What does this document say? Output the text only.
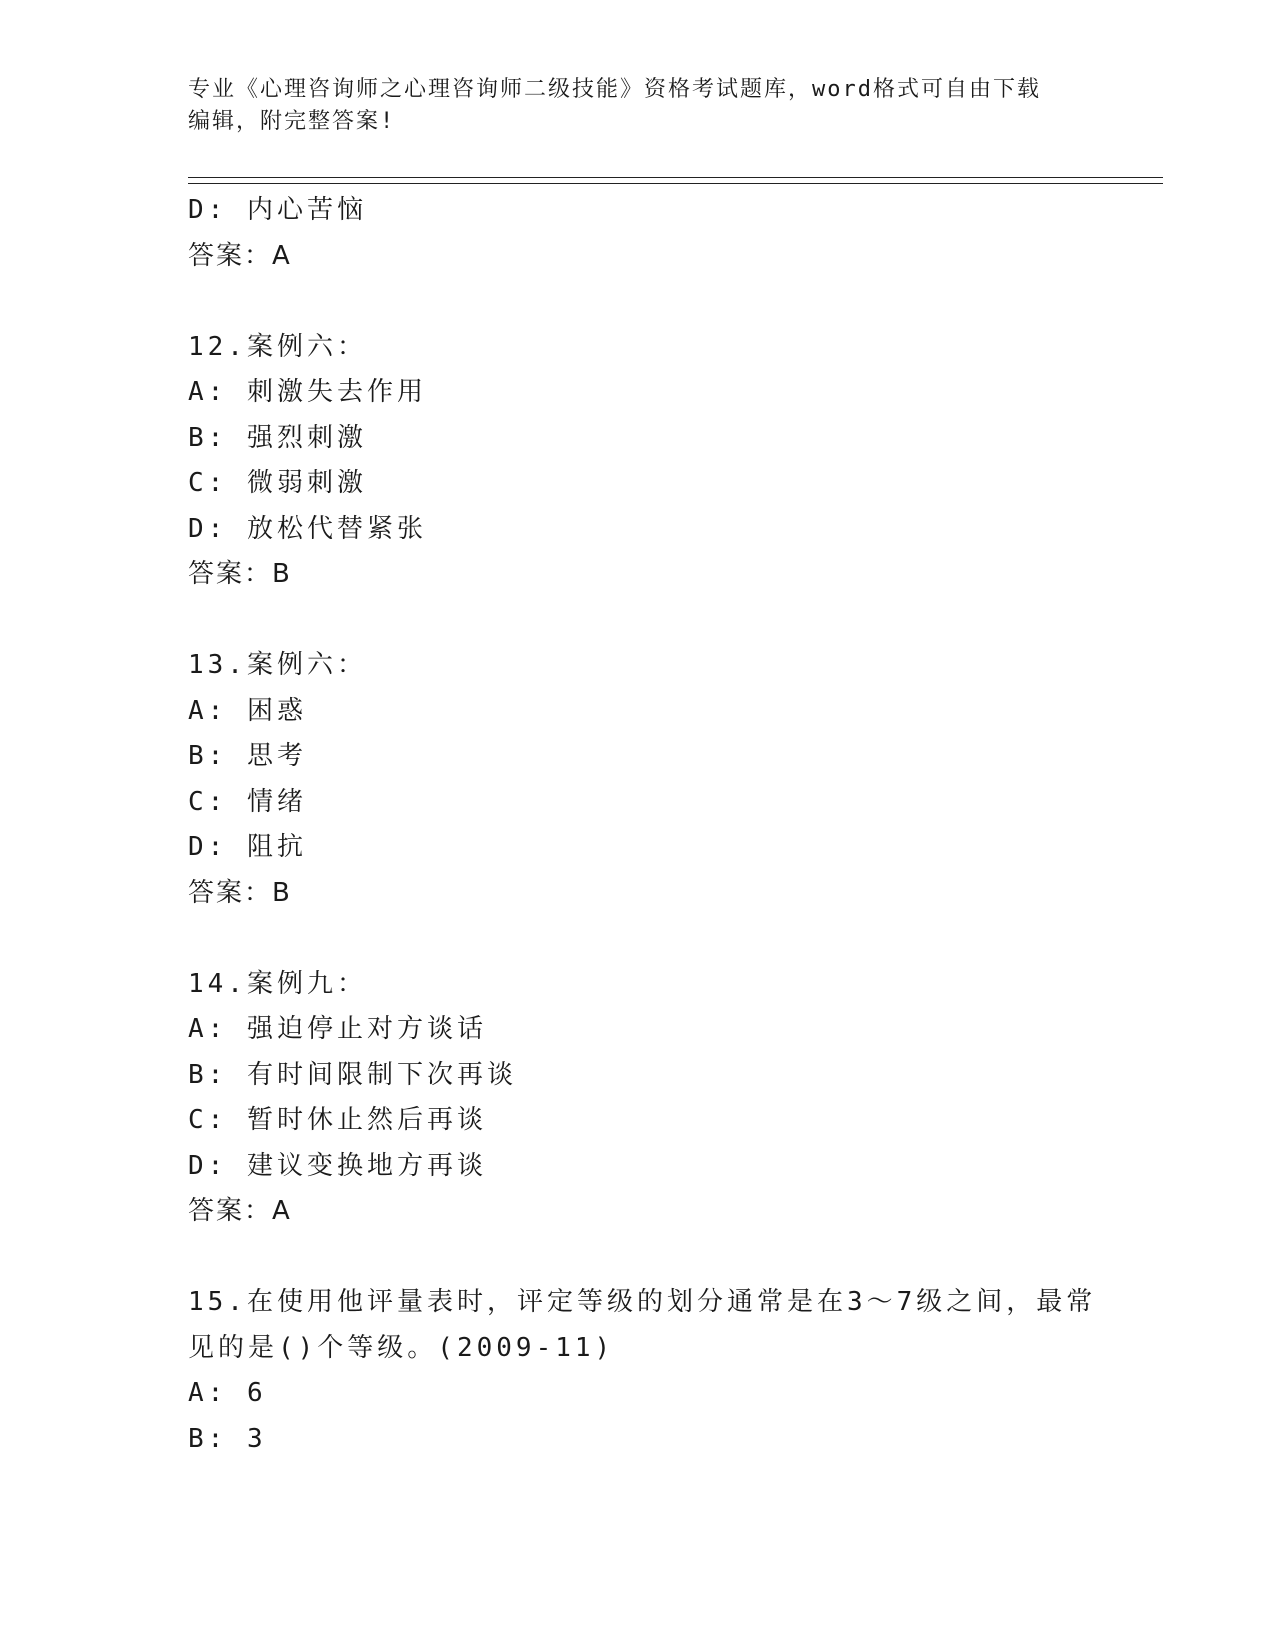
专业《心理咨询师之心理咨询师二级技能》资格考试题库，word格式可自由下载
编辑，附完整答案!
D: 内心苦恼
答案：A
12.案例六：
A: 刺激失去作用
B: 强烈刺激
C: 微弱刺激
D: 放松代替紧张
答案：B
13.案例六：
A: 困惑
B: 思考
C: 情绪
D: 阻抗
答案：B
14.案例九：
A: 强迫停止对方谈话
B: 有时间限制下次再谈
C: 暂时休止然后再谈
D: 建议变换地方再谈
答案：A
15.在使用他评量表时，评定等级的划分通常是在3～7级之间，最常
见的是()个等级。(2009-11)
A: 6
B: 3
